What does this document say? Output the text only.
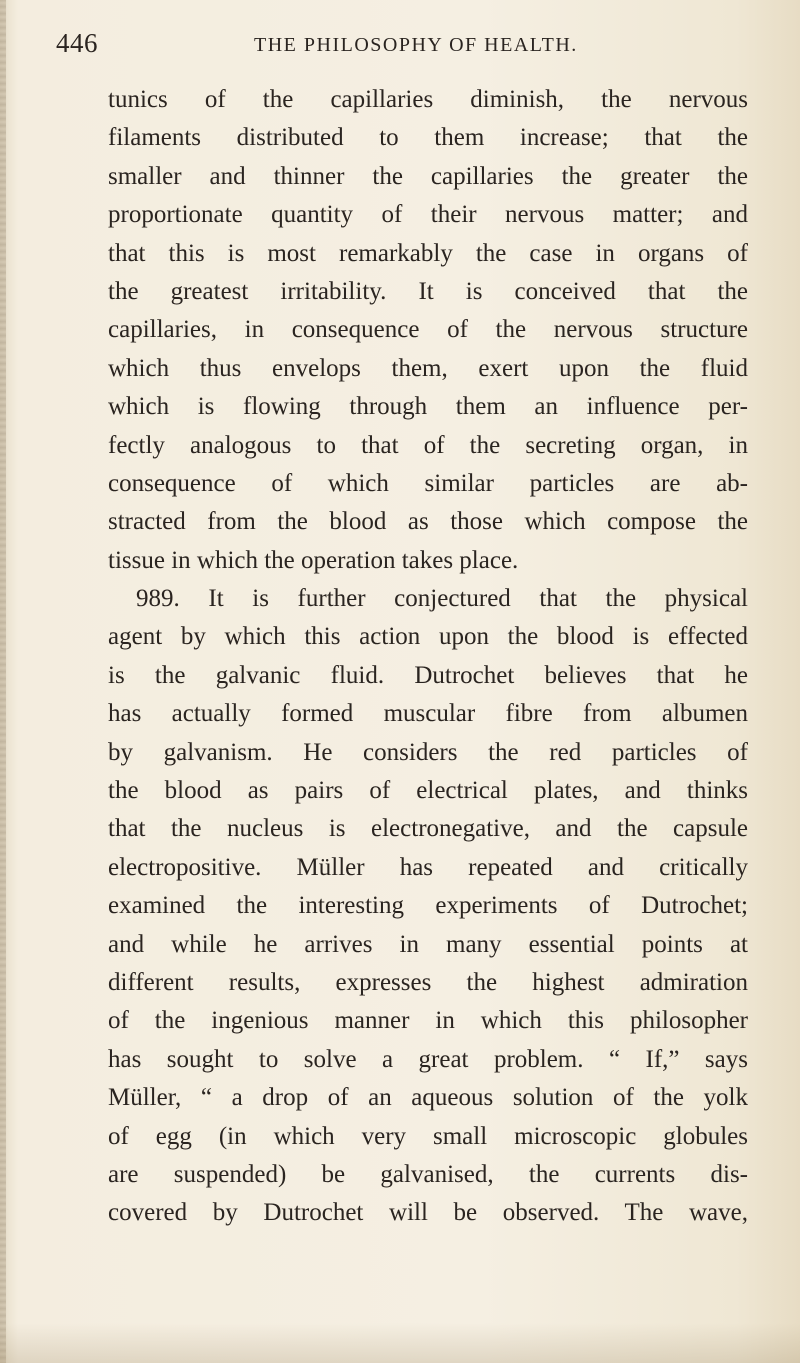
446	THE PHILOSOPHY OF HEALTH.
tunics of the capillaries diminish, the nervous
filaments distributed to them increase; that the
smaller and thinner the capillaries the greater the
proportionate quantity of their nervous matter; and
that this is most remarkably the case in organs of
the greatest irritability. It is conceived that the
capillaries, in consequence of the nervous structure
which thus envelops them, exert upon the fluid
which is flowing through them an influence per-
fectly analogous to that of the secreting organ, in
consequence of which similar particles are ab-
stracted from the blood as those which compose the
tissue in which the operation takes place.
989. It is further conjectured that the physical
agent by which this action upon the blood is effected
is the galvanic fluid. Dutrochet believes that he
has actually formed muscular fibre from albumen
by galvanism. He considers the red particles of
the blood as pairs of electrical plates, and thinks
that the nucleus is electronegative, and the capsule
electropositive. Müller has repeated and critically
examined the interesting experiments of Dutrochet;
and while he arrives in many essential points at
different results, expresses the highest admiration
of the ingenious manner in which this philosopher
has sought to solve a great problem. “ If,” says
Müller, “ a drop of an aqueous solution of the yolk
of egg (in which very small microscopic globules
are suspended) be galvanised, the currents dis-
covered by Dutrochet will be observed. The wave,
